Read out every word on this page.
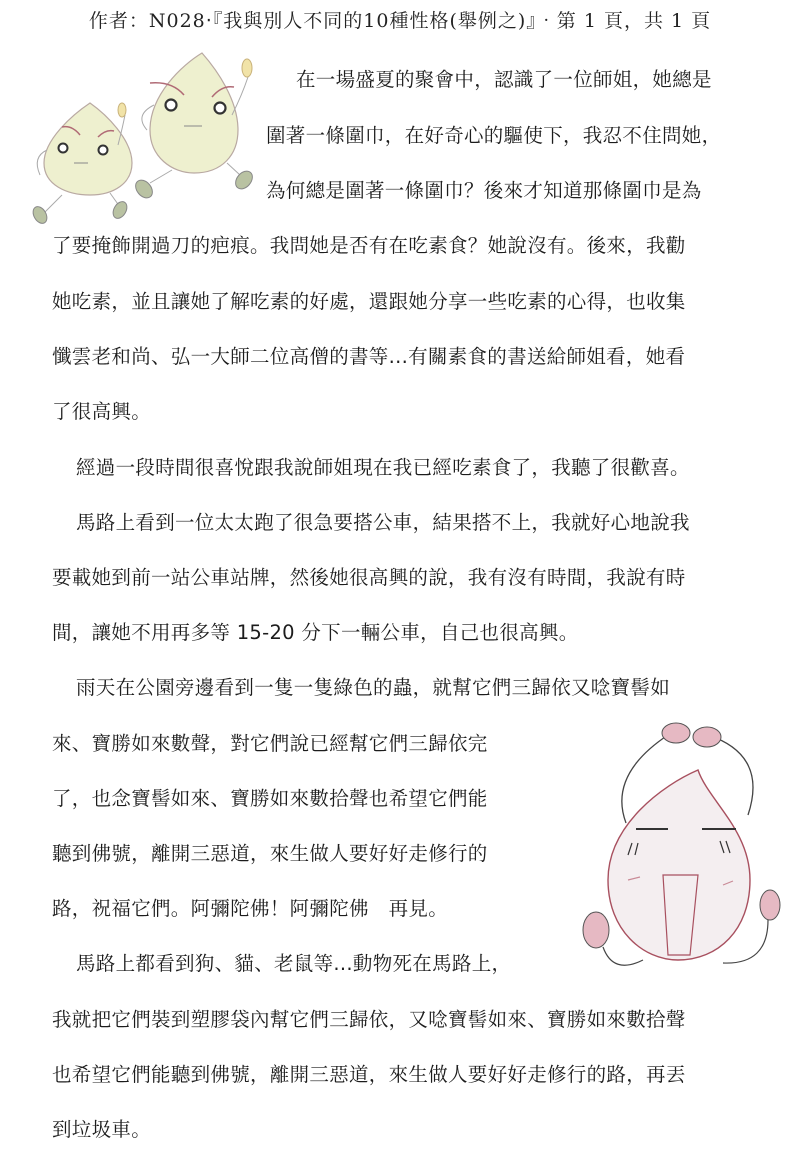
作者：N028‧『我與別人不同的10種性格(舉例之)』‧第 1 頁，共 1 頁
在一場盛夏的聚會中，認識了一位師姐，她總是
圍著一條圍巾，在好奇心的驅使下，我忍不住問她，
為何總是圍著一條圍巾？後來才知道那條圍巾是為
了要掩飾開過刀的疤痕。我問她是否有在吃素食？她說沒有。後來，我勸
她吃素，並且讓她了解吃素的好處，還跟她分享一些吃素的心得，也收集
懺雲老和尚、弘一大師二位高僧的書等...有關素食的書送給師姐看，她看
了很高興。
經過一段時間很喜悅跟我說師姐現在我已經吃素食了，我聽了很歡喜。
馬路上看到一位太太跑了很急要搭公車，結果搭不上，我就好心地說我
要載她到前一站公車站牌，然後她很高興的說，我有沒有時間，我說有時
間，讓她不用再多等 15-20 分下一輛公車，自己也很高興。
雨天在公園旁邊看到一隻一隻綠色的蟲，就幫它們三歸依又唸寶髻如
來、寶勝如來數聲，對它們說已經幫它們三歸依完
了，也念寶髻如來、寶勝如來數拾聲也希望它們能
聽到佛號，離開三惡道，來生做人要好好走修行的
路，祝福它們。阿彌陀佛！阿彌陀佛　再見。
馬路上都看到狗、貓、老鼠等...動物死在馬路上，
我就把它們裝到塑膠袋內幫它們三歸依，又唸寶髻如來、寶勝如來數拾聲
也希望它們能聽到佛號，離開三惡道，來生做人要好好走修行的路，再丟
到垃圾車。
